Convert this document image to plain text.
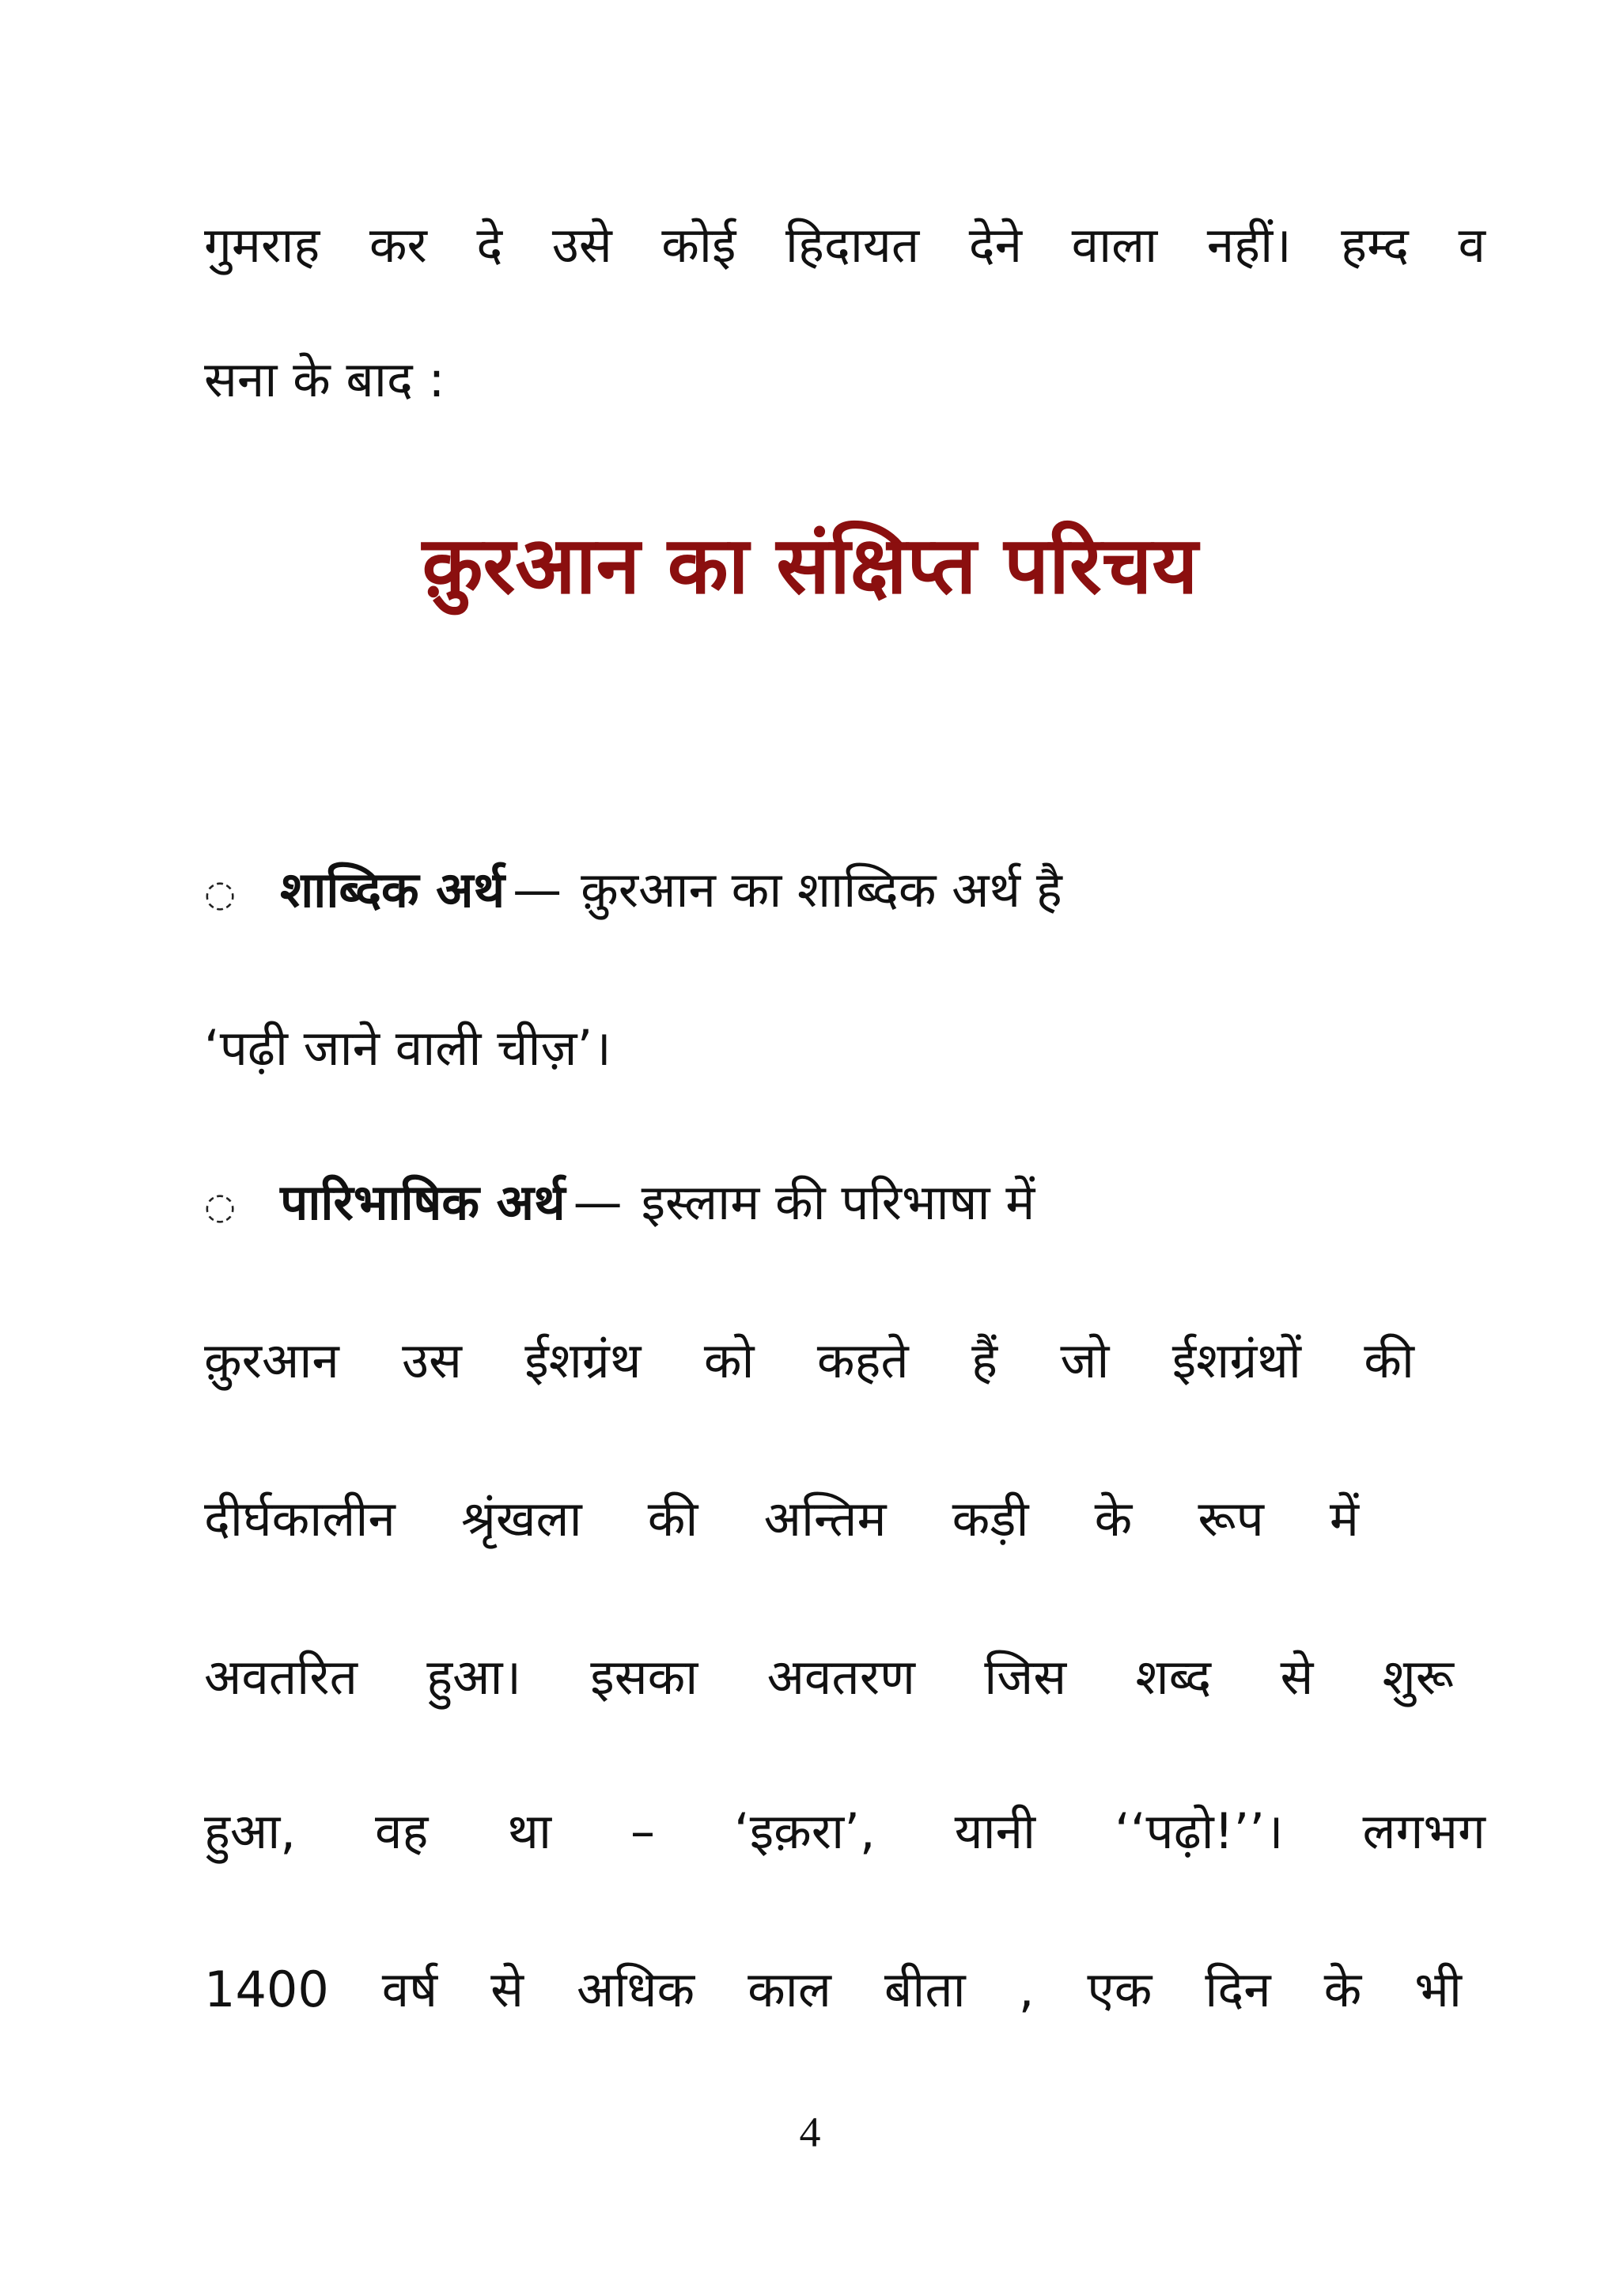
गुमराह कर दे उसे कोई हिदायत देने वाला नहीं। हम्द व
सना के बाद :
क़ुरआन का संक्षिप्त परिचय
◌ शाब्दिक अर्थ — क़ुरआन का शाब्दिक अर्थ है
‘पढ़ी जाने वाली चीज़’।
◌ पारिभाषिक अर्थ — इस्लाम की परिभाषा में
क़ुरआन उस ईशग्रंथ को कहते हैं जो ईशग्रंथों की
दीर्घकालीन श्रृंखला की अन्तिम कड़ी के रूप में
अवतरित हुआ। इसका अवतरण जिस शब्द से शुरू
हुआ, वह था – ‘इक़रा’, यानी ‘‘पढ़ो!’’। लगभग
1400 वर्ष से अधिक काल बीता , एक दिन के भी
4
